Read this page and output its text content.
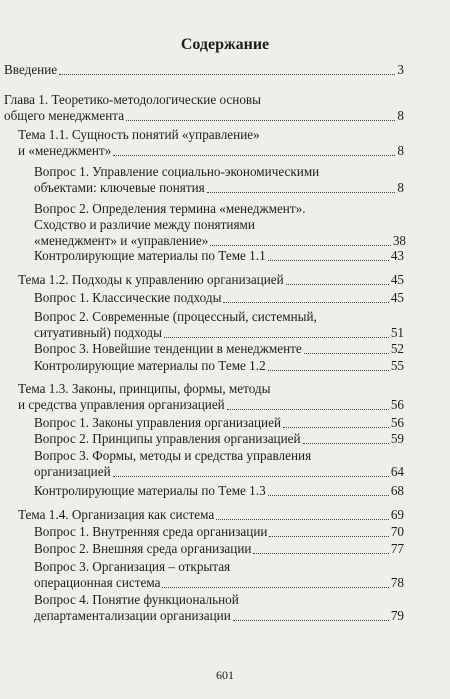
Содержание
Введение	3
Глава 1. Теоретико-методологические основы
общего менеджмента	8
Тема 1.1. Сущность понятий «управление»
и «менеджмент»	8
Вопрос 1. Управление социально-экономическими
объектами: ключевые понятия	8
Вопрос 2. Определения термина «менеджмент».
Сходство и различие между понятиями
«менеджмент» и «управление»	38
Контролирующие материалы по Теме 1.1	43
Тема 1.2. Подходы к управлению организацией	45
Вопрос 1. Классические подходы	45
Вопрос 2. Современные (процессный, системный,
ситуативный) подходы	51
Вопрос 3. Новейшие тенденции в менеджменте	52
Контролирующие материалы по Теме 1.2	55
Тема 1.3. Законы, принципы, формы, методы
и средства управления организацией	56
Вопрос 1. Законы управления организацией	56
Вопрос 2. Принципы управления организацией	59
Вопрос 3. Формы, методы и средства управления
организацией	64
Контролирующие материалы по Теме 1.3	68
Тема 1.4. Организация как система	69
Вопрос 1. Внутренняя среда организации	70
Вопрос 2. Внешняя среда организации	77
Вопрос 3. Организация – открытая
операционная система	78
Вопрос 4. Понятие функциональной
департаментализации организации	79
601
